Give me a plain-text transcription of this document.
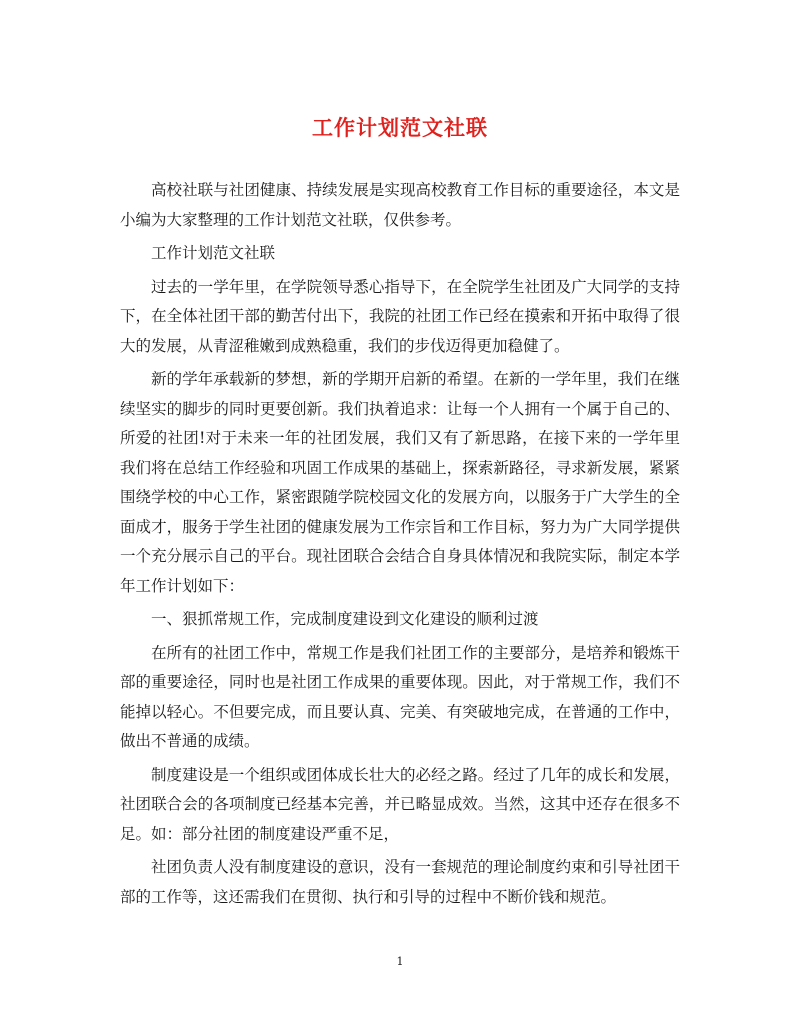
工作计划范文社联

高校社联与社团健康、持续发展是实现高校教育工作目标的重要途径，本文是小编为大家整理的工作计划范文社联，仅供参考。

工作计划范文社联

过去的一学年里，在学院领导悉心指导下，在全院学生社团及广大同学的支持下，在全体社团干部的勤苦付出下，我院的社团工作已经在摸索和开拓中取得了很大的发展，从青涩稚嫩到成熟稳重，我们的步伐迈得更加稳健了。

新的学年承载新的梦想，新的学期开启新的希望。在新的一学年里，我们在继续坚实的脚步的同时更要创新。我们执着追求：让每一个人拥有一个属于自己的、所爱的社团!对于未来一年的社团发展，我们又有了新思路，在接下来的一学年里我们将在总结工作经验和巩固工作成果的基础上，探索新路径，寻求新发展，紧紧围绕学校的中心工作，紧密跟随学院校园文化的发展方向，以服务于广大学生的全面成才，服务于学生社团的健康发展为工作宗旨和工作目标，努力为广大同学提供一个充分展示自己的平台。现社团联合会结合自身具体情况和我院实际，制定本学年工作计划如下：

一、狠抓常规工作，完成制度建设到文化建设的顺利过渡

在所有的社团工作中，常规工作是我们社团工作的主要部分，是培养和锻炼干部的重要途径，同时也是社团工作成果的重要体现。因此，对于常规工作，我们不能掉以轻心。不但要完成，而且要认真、完美、有突破地完成，在普通的工作中，做出不普通的成绩。

制度建设是一个组织或团体成长壮大的必经之路。经过了几年的成长和发展，社团联合会的各项制度已经基本完善，并已略显成效。当然，这其中还存在很多不足。如：部分社团的制度建设严重不足，

社团负责人没有制度建设的意识，没有一套规范的理论制度约束和引导社团干部的工作等，这还需我们在贯彻、执行和引导的过程中不断价钱和规范。

1
